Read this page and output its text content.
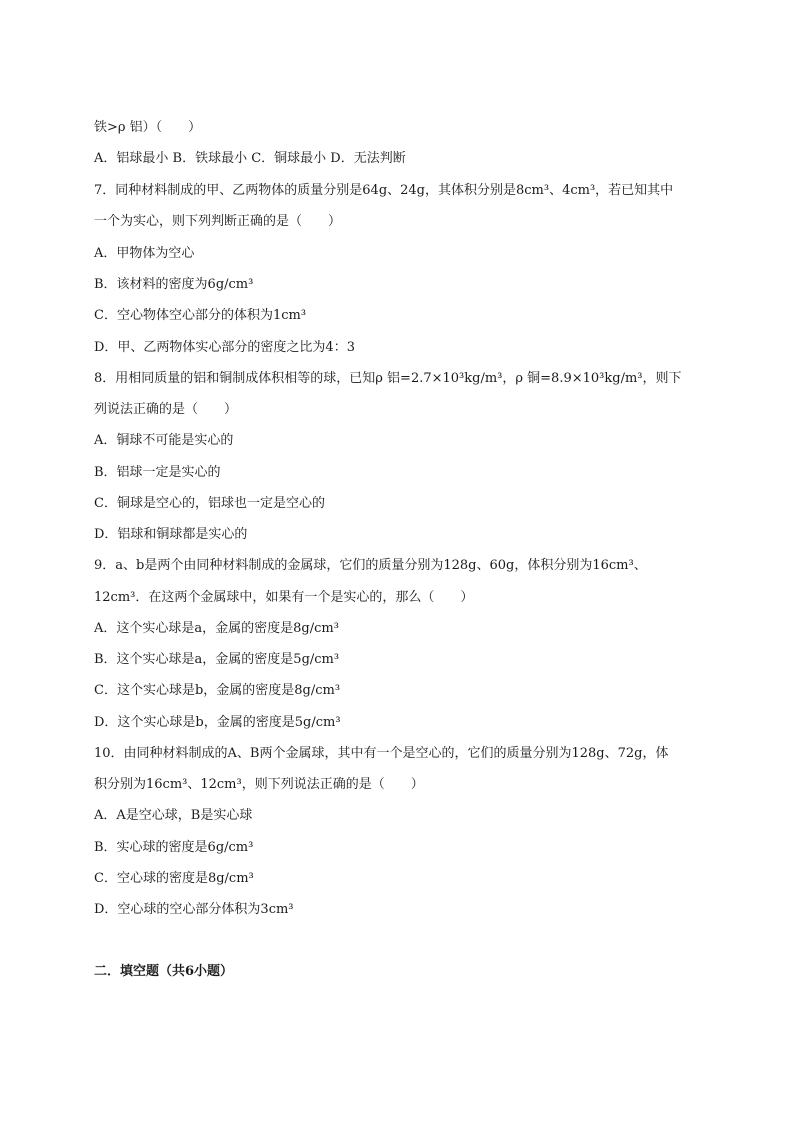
铁>ρ 铝）（　　）
A．铝球最小 B．铁球最小 C．铜球最小 D．无法判断
7．同种材料制成的甲、乙两物体的质量分别是64g、24g，其体积分别是8cm³、4cm³，若已知其中
一个为实心，则下列判断正确的是（　　）
A．甲物体为空心
B．该材料的密度为6g/cm³
C．空心物体空心部分的体积为1cm³
D．甲、乙两物体实心部分的密度之比为4：3
8．用相同质量的铝和铜制成体积相等的球，已知ρ 铝=2.7×10³kg/m³，ρ 铜=8.9×10³kg/m³，则下
列说法正确的是（　　）
A．铜球不可能是实心的
B．铝球一定是实心的
C．铜球是空心的，铝球也一定是空心的
D．铝球和铜球都是实心的
9．a、b是两个由同种材料制成的金属球，它们的质量分别为128g、60g，体积分别为16cm³、
12cm³．在这两个金属球中，如果有一个是实心的，那么（　　）
A．这个实心球是a，金属的密度是8g/cm³
B．这个实心球是a，金属的密度是5g/cm³
C．这个实心球是b，金属的密度是8g/cm³
D．这个实心球是b，金属的密度是5g/cm³
10．由同种材料制成的A、B两个金属球，其中有一个是空心的，它们的质量分别为128g、72g，体
积分别为16cm³、12cm³，则下列说法正确的是（　　）
A．A是空心球，B是实心球
B．实心球的密度是6g/cm³
C．空心球的密度是8g/cm³
D．空心球的空心部分体积为3cm³
二．填空题（共6小题）
